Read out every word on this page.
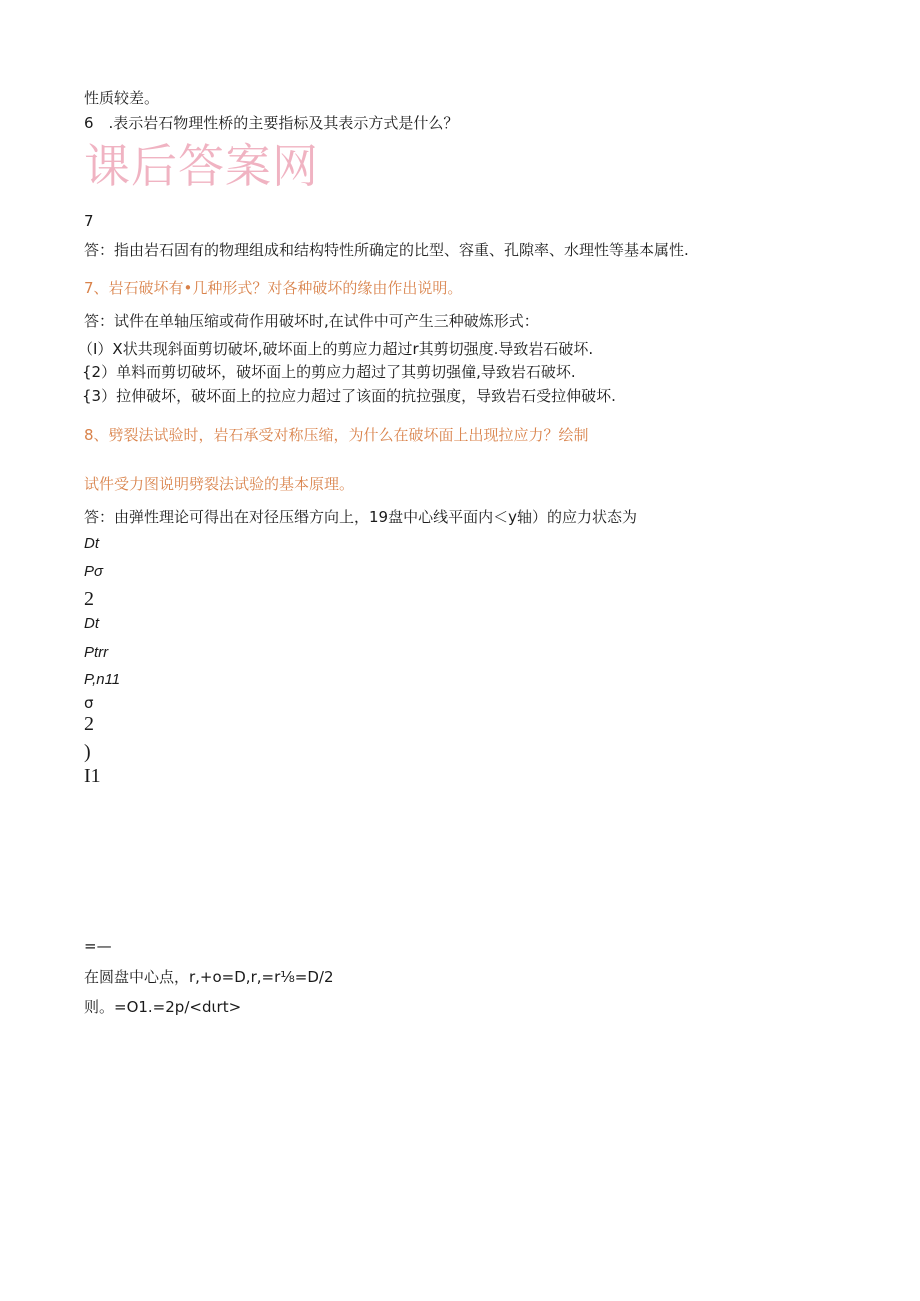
性质较差。
6　.表示岩石物理性桥的主要指标及其表示方式是什么？
课后答案网
7
答：指由岩石固有的物理组成和结构特性所确定的比型、容重、孔隙率、水理性等基本属性.
7、岩石破坏有•几种形式？对各种破坏的缘由作出说明。
答：试件在单轴压缩或荷作用破坏时,在试件中可产生三种破炼形式：
（I）X状共现斜面剪切破坏,破坏面上的剪应力超过r其剪切强度.导致岩石破坏.
{2）单料而剪切破坏，破坏面上的剪应力超过了其剪切强僮,导致岩石破坏.
{3）拉伸破坏，破坏面上的拉应力超过了该面的抗拉强度，导致岩石受拉伸破坏.
8、劈裂法试验时，岩石承受对称压缩，为什么在破坏面上出现拉应力？绘制
试件受力图说明劈裂法试验的基本原理。
答：由弹性理论可得出在对径压缗方向上，19盘中心线平面内＜y轴）的应力状态为
Dt
Pσ
2
Dt
Ptrr
P,n11
σ
2
)
I1
=—
在圆盘中心点，r,+o=D,r,=r⅛=D/2
则。=O1.=2p∕<dιrt>
